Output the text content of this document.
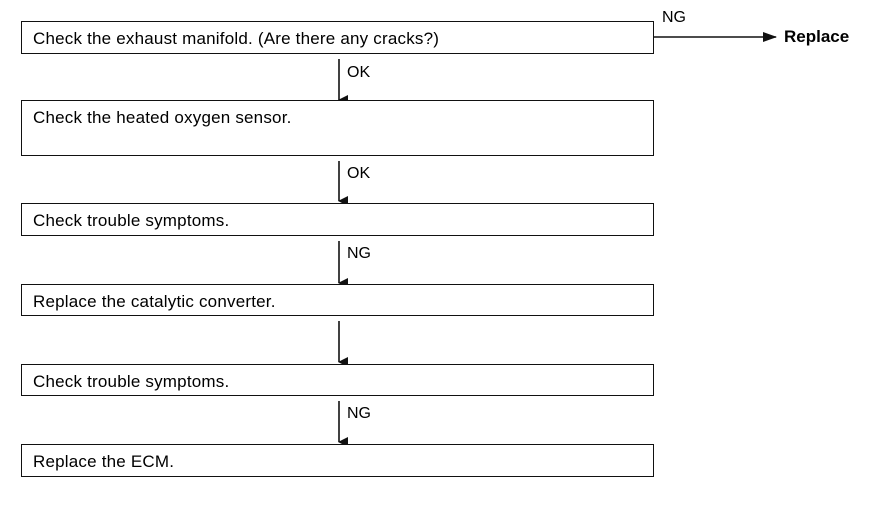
Check the exhaust manifold. (Are there any cracks?)
Check the heated oxygen sensor.
Check trouble symptoms.
Replace the catalytic converter.
Check trouble symptoms.
Replace the ECM.
OK
OK
NG
NG
NG
Replace
